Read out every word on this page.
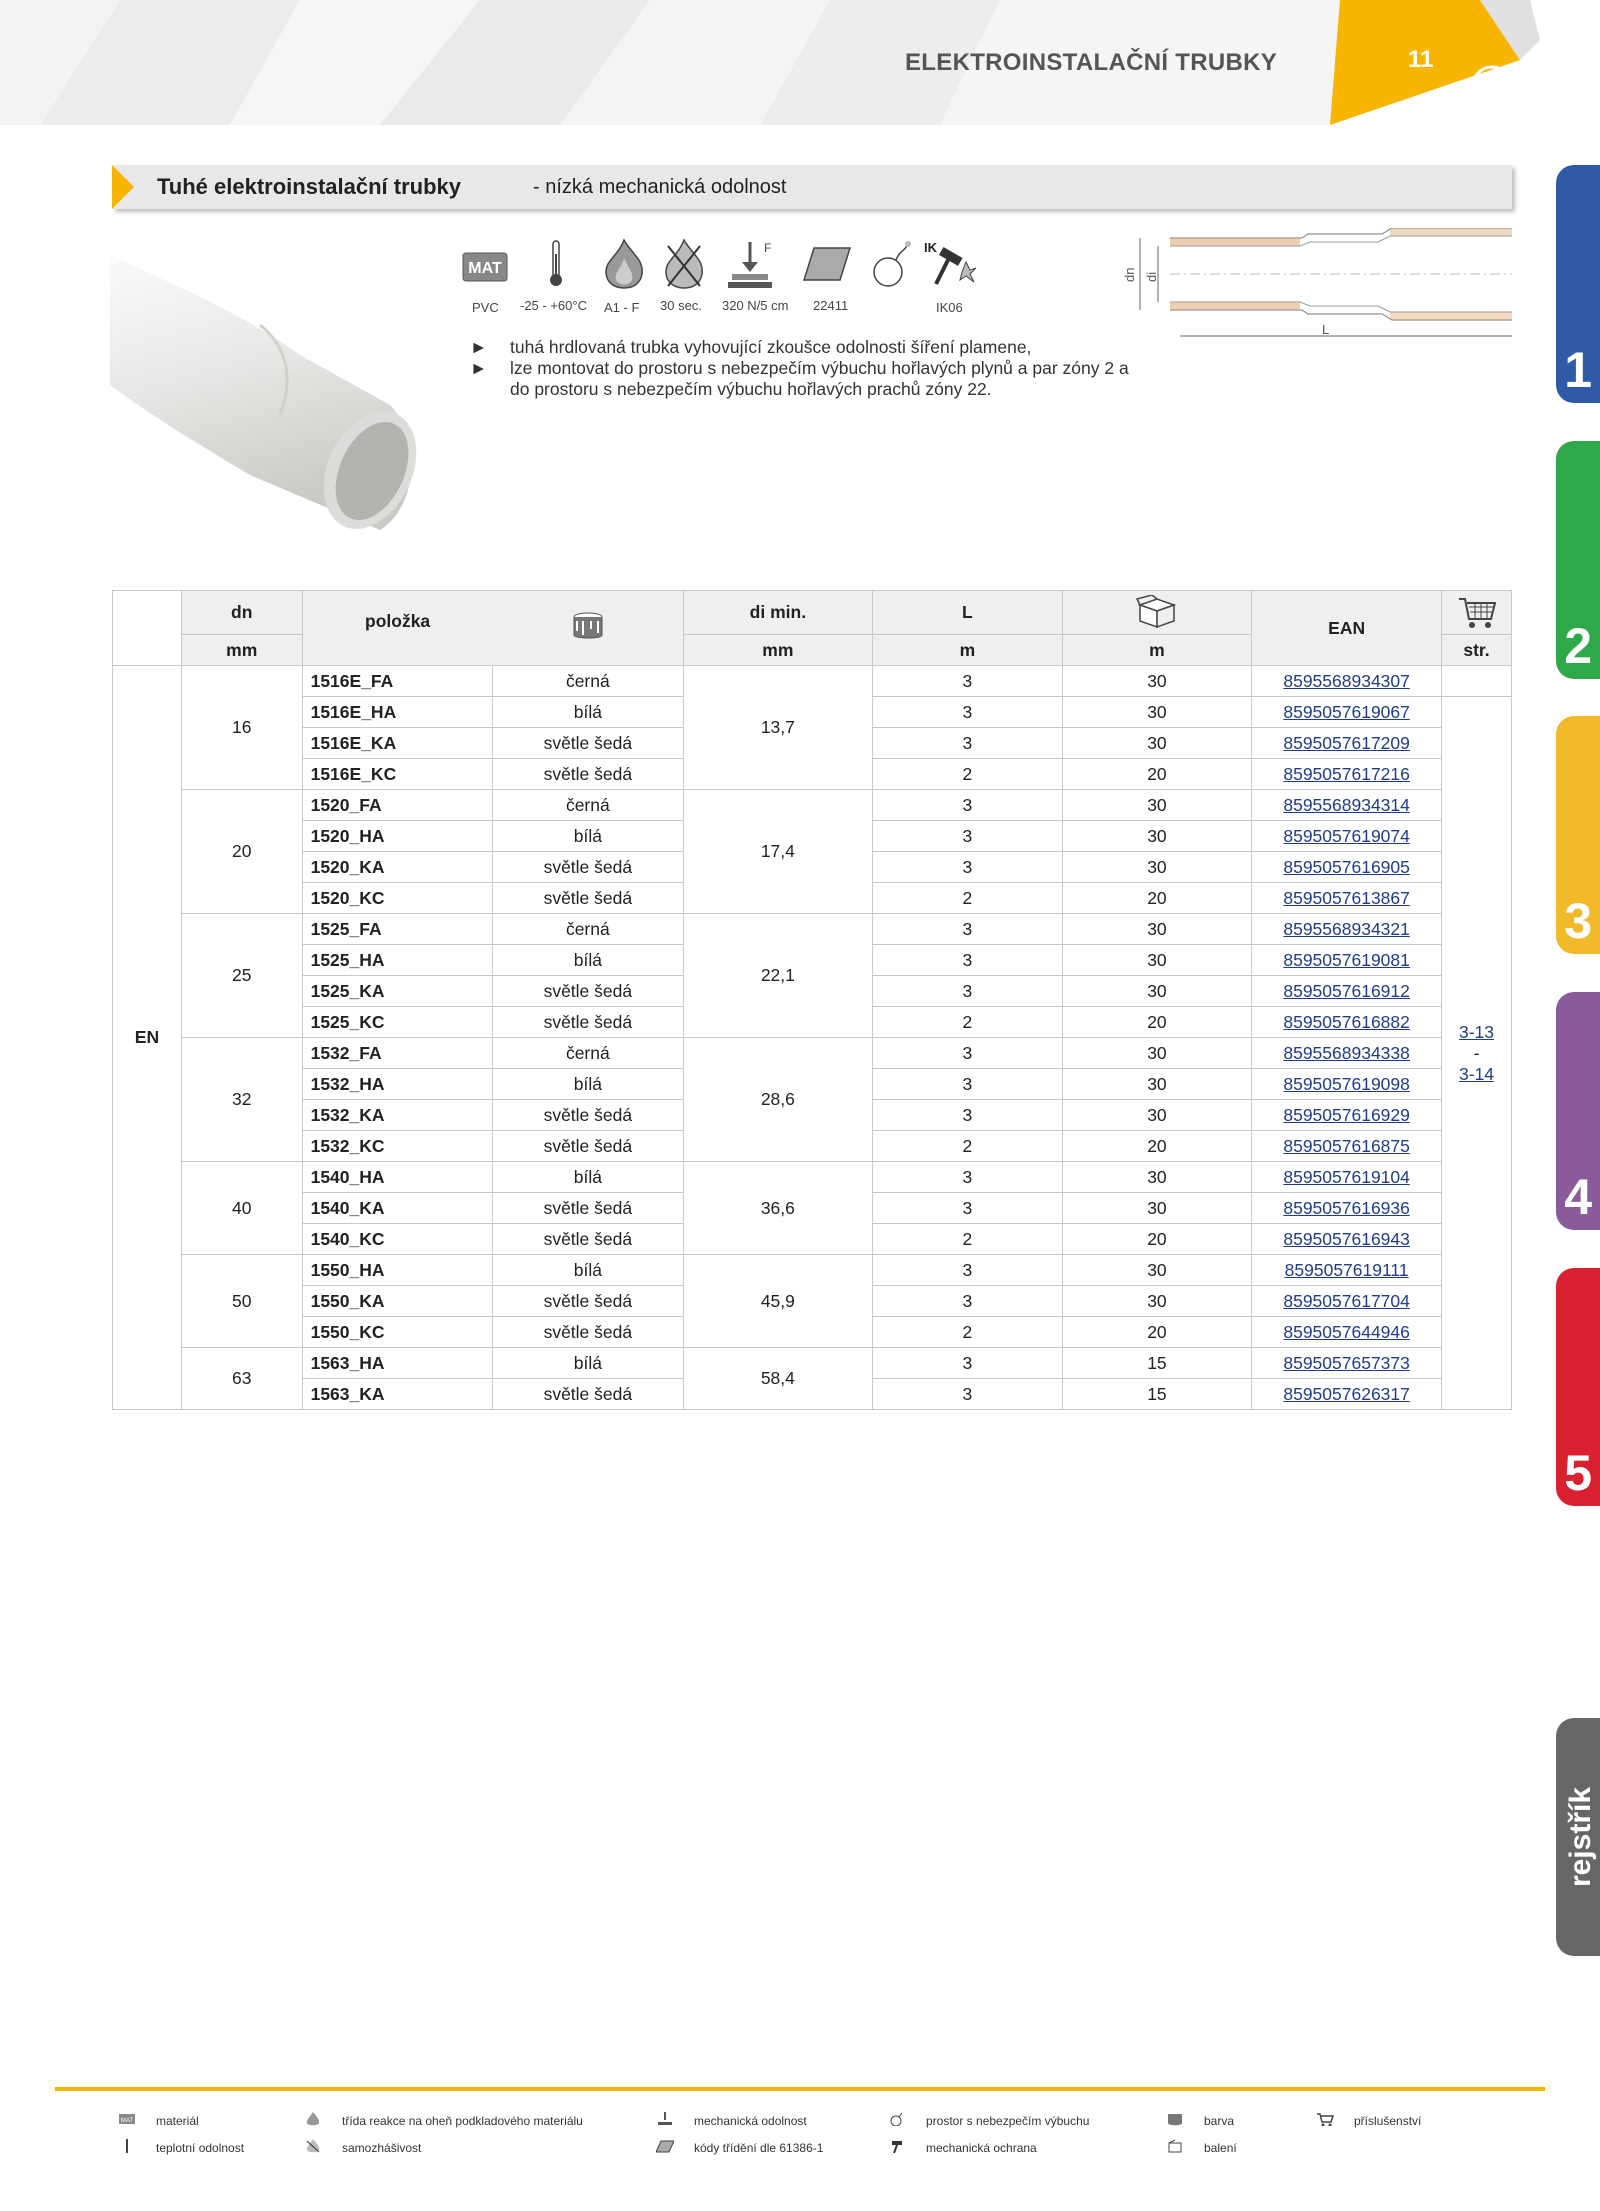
ELEKTROINSTALAČNÍ TRUBKY	11
Tuhé elektroinstalační trubky	- nízká mechanická odolnost
MAT
F	IK
PVC -25 - +60°C A1 - F 30 sec. 320 N/5 cm 22411	IK06
► tuhá hrdlovaná trubka vyhovující zkoušce odolnosti šíření plamene,
► lze montovat do prostoru s nebezpečím výbuchu hořlavých plynů a par zóny 2 a do prostoru s nebezpečím výbuchu hořlavých prachů zóny 22.
dn di
L
	dn	položka		di min.	L		EAN	
	mm			mm	m	m		str.
EN	16	1516E_FA	černá	13,7	3	30	8595568934307	
		1516E_HA	bílá		3	30	8595057619067	3-13
-
3-14

		1516E_KA	světle šedá		3	30	8595057617209	
		1516E_KC	světle šedá		2	20	8595057617216	
	20	1520_FA	černá	17,4	3	30	8595568934314	
		1520_HA	bílá		3	30	8595057619074	
		1520_KA	světle šedá		3	30	8595057616905	
		1520_KC	světle šedá		2	20	8595057613867	
	25	1525_FA	černá	22,1	3	30	8595568934321	
		1525_HA	bílá		3	30	8595057619081	
		1525_KA	světle šedá		3	30	8595057616912	
		1525_KC	světle šedá		2	20	8595057616882	
	32	1532_FA	černá	28,6	3	30	8595568934338	
		1532_HA	bílá		3	30	8595057619098	
		1532_KA	světle šedá		3	30	8595057616929	
		1532_KC	světle šedá		2	20	8595057616875	
	40	1540_HA	bílá	36,6	3	30	8595057619104	
		1540_KA	světle šedá		3	30	8595057616936	
		1540_KC	světle šedá		2	20	8595057616943	
	50	1550_HA	bílá	45,9	3	30	8595057619111	
		1550_KA	světle šedá		3	30	8595057617704	
		1550_KC	světle šedá		2	20	8595057644946	
	63	1563_HA	bílá	58,4	3	15	8595057657373	
		1563_KA	světle šedá		3	15	8595057626317	
1
2
3
4
5
rejstřík
MAT materiál
teplotní odolnost
třída reakce na oheň podkladového materiálu
samozhášivost
mechanická odolnost
kódy třídění dle 61386-1
prostor s nebezpečím výbuchu
mechanická ochrana
barva
balení
příslušenství
